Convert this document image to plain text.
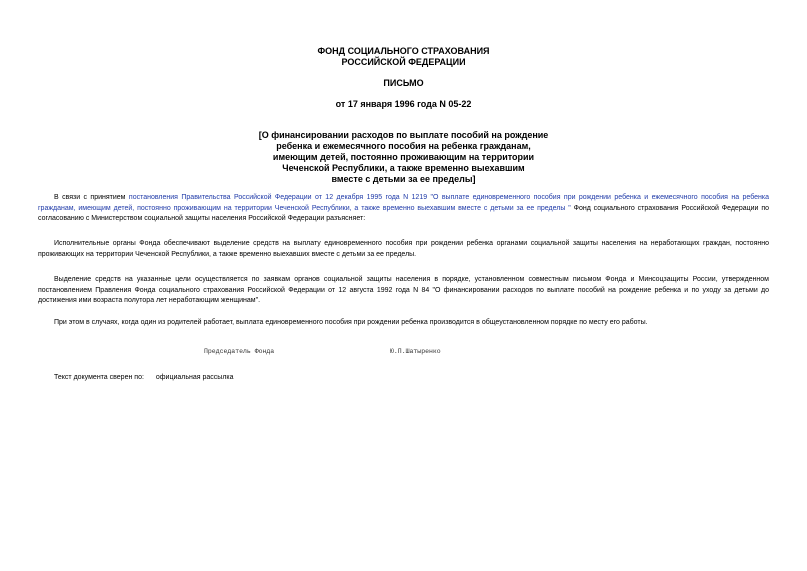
ФОНД СОЦИАЛЬНОГО СТРАХОВАНИЯ
РОССИЙСКОЙ ФЕДЕРАЦИИ
ПИСЬМО
от 17 января 1996 года N 05-22
[О финансировании расходов по выплате пособий на рождение
ребенка и ежемесячного пособия на ребенка гражданам,
имеющим детей, постоянно проживающим на территории
Чеченской Республики, а также временно выехавшим
вместе с детьми за ее пределы]
В связи с принятием постановления Правительства Российской Федерации от 12 декабря 1995 года N 1219 "О выплате единовременного пособия при рождении ребенка и ежемесячного пособия на ребенка гражданам, имеющим детей, постоянно проживающим на территории Чеченской Республики, а также временно выехавшим вместе с детьми за ее пределы " Фонд социального страхования Российской Федерации по согласованию с Министерством социальной защиты населения Российской Федерации разъясняет:
Исполнительные органы Фонда обеспечивают выделение средств на выплату единовременного пособия при рождении ребенка органами социальной защиты населения на неработающих граждан, постоянно проживающих на территории Чеченской Республики, а также временно выехавших вместе с детьми за ее пределы.
Выделение средств на указанные цели осуществляется по заявкам органов социальной защиты населения в порядке, установленном совместным письмом Фонда и Минсоцзащиты России, утвержденном постановлением Правления Фонда социального страхования Российской Федерации от 12 августа 1992 года N 84 "О финансировании расходов по выплате пособий на рождение ребенка и по уходу за детьми до достижения ими возраста полутора лет неработающим женщинам".
При этом в случаях, когда один из родителей работает, выплата единовременного пособия при рождении ребенка производится в общеустановленном порядке по месту его работы.
Председатель Фонда	Ю.П.Шатыренко
Текст документа сверен по: официальная рассылка
